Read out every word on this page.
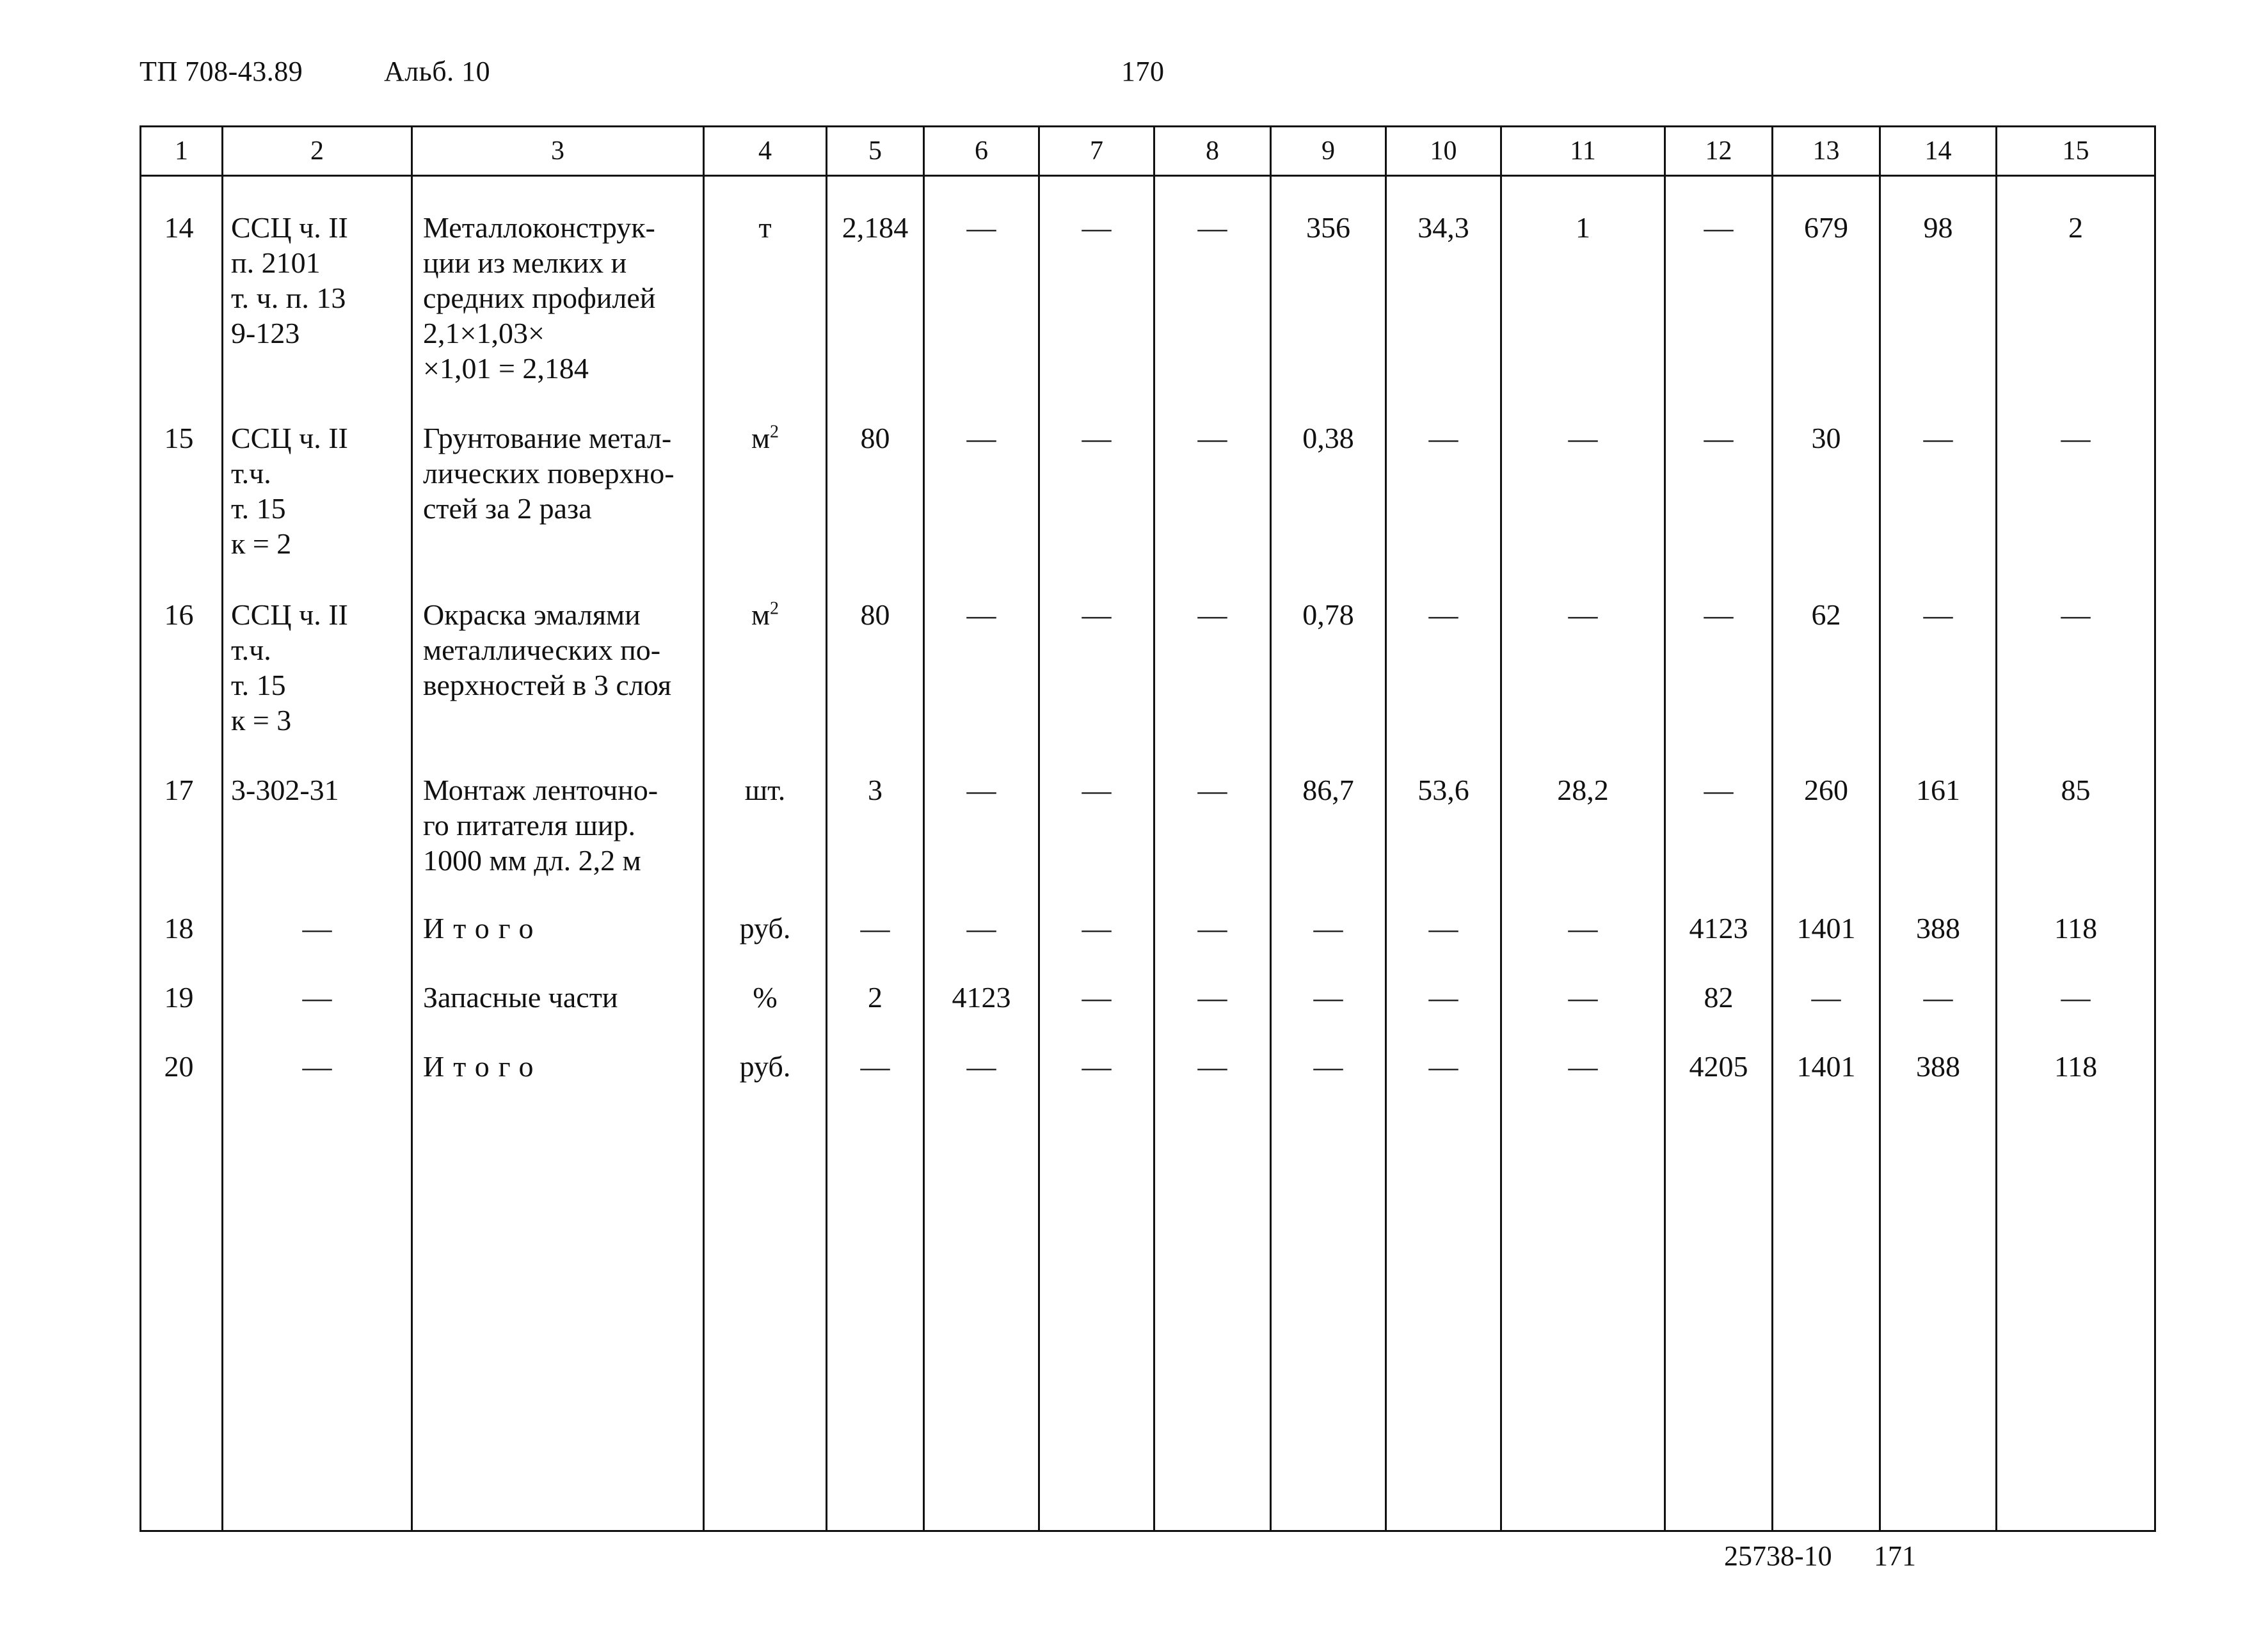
ТП 708-43.89	Альб. 10	170
1	2	3	4	5	6	7	8	9	10	11	12	13	14	15
14	ССЦ ч. II
п. 2101
т. ч. п. 13
9-123	Металлоконструк-
ции из мелких и
средних профилей
2,1×1,03×
×1,01 = 2,184	т	2,184	—	—	—	356	34,3	1	—	679	98	2
15	ССЦ ч. II
т.ч.
т. 15
к = 2	Грунтование метал-
лических поверхно-
стей за 2 раза	$м^2$	80	—	—	—	0,38	—	—	—	30	—	—
16	ССЦ ч. II
т.ч.
т. 15
к = 3	Окраска эмалями
металлических по-
верхностей в 3 слоя	$м^2$	80	—	—	—	0,78	—	—	—	62	—	—
17	3-302-31	Монтаж ленточно-
го питателя шир.
1000 мм дл. 2,2 м	шт.	3	—	—	—	86,7	53,6	28,2	—	260	161	85
18	—	Итого	руб.	—	—	—	—	—	—	—	4123	1401	388	118
19	—	Запасные части	%	2	4123	—	—	—	—	—	82	—	—	—
20	—	Итого	руб.	—	—	—	—	—	—	—	4205	1401	388	118
25738-10 171
